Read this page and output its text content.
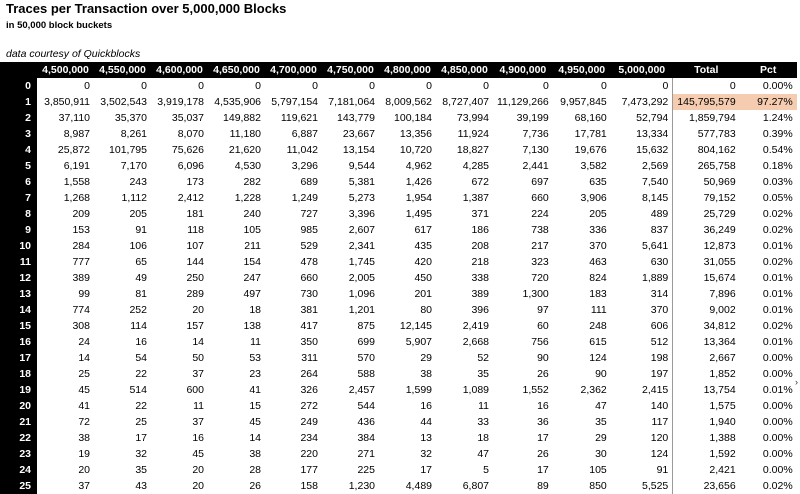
Traces per Transaction over 5,000,000 Blocks
in 50,000 block buckets
data courtesy of Quickblocks
	4,500,000	4,550,000	4,600,000	4,650,000	4,700,000	4,750,000	4,800,000	4,850,000	4,900,000	4,950,000	5,000,000	Total	Pct
0	0	0	0	0	0	0	0	0	0	0	0	0	0.00%
1	3,850,911	3,502,543	3,919,178	4,535,906	5,797,154	7,181,064	8,009,562	8,727,407	11,129,266	9,957,845	7,473,292	145,795,579	97.27%
2	37,110	35,370	35,037	149,882	119,621	143,779	100,184	73,994	39,199	68,160	52,794	1,859,794	1.24%
3	8,987	8,261	8,070	11,180	6,887	23,667	13,356	11,924	7,736	17,781	13,334	577,783	0.39%
4	25,872	101,795	75,626	21,620	11,042	13,154	10,720	18,827	7,130	19,676	15,632	804,162	0.54%
5	6,191	7,170	6,096	4,530	3,296	9,544	4,962	4,285	2,441	3,582	2,569	265,758	0.18%
6	1,558	243	173	282	689	5,381	1,426	672	697	635	7,540	50,969	0.03%
7	1,268	1,112	2,412	1,228	1,249	5,273	1,954	1,387	660	3,906	8,145	79,152	0.05%
8	209	205	181	240	727	3,396	1,495	371	224	205	489	25,729	0.02%
9	153	91	118	105	985	2,607	617	186	738	336	837	36,249	0.02%
10	284	106	107	211	529	2,341	435	208	217	370	5,641	12,873	0.01%
11	777	65	144	154	478	1,745	420	218	323	463	630	31,055	0.02%
12	389	49	250	247	660	2,005	450	338	720	824	1,889	15,674	0.01%
13	99	81	289	497	730	1,096	201	389	1,300	183	314	7,896	0.01%
14	774	252	20	18	381	1,201	80	396	97	111	370	9,002	0.01%
15	308	114	157	138	417	875	12,145	2,419	60	248	606	34,812	0.02%
16	24	16	14	11	350	699	5,907	2,668	756	615	512	13,364	0.01%
17	14	54	50	53	311	570	29	52	90	124	198	2,667	0.00%
18	25	22	37	23	264	588	38	35	26	90	197	1,852	0.00%
19	45	514	600	41	326	2,457	1,599	1,089	1,552	2,362	2,415	13,754	0.01%
20	41	22	11	15	272	544	16	11	16	47	140	1,575	0.00%
21	72	25	37	45	249	436	44	33	36	35	117	1,940	0.00%
22	38	17	16	14	234	384	13	18	17	29	120	1,388	0.00%
23	19	32	45	38	220	271	32	47	26	30	124	1,592	0.00%
24	20	35	20	28	177	225	17	5	17	105	91	2,421	0.00%
25	37	43	20	26	158	1,230	4,489	6,807	89	850	5,525	23,656	0.02%
›
